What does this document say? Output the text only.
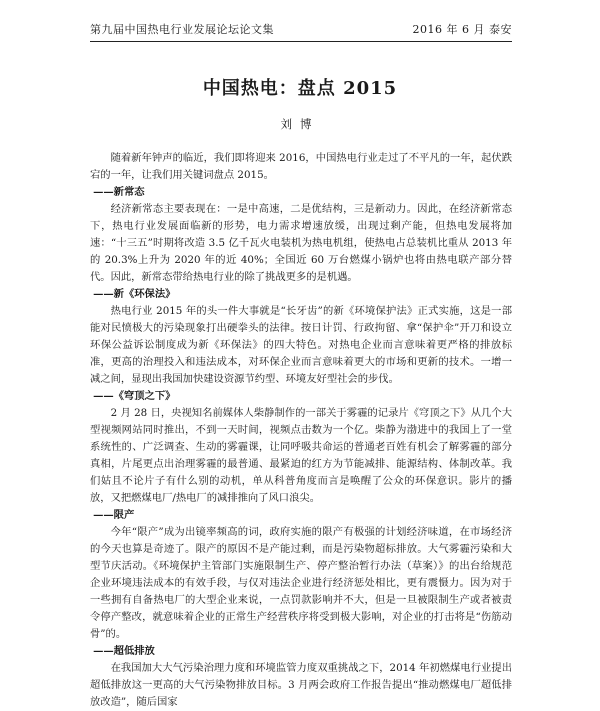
第九届中国热电行业发展论坛论文集	2016 年 6 月 泰安
中国热电：盘点 2015
刘博

随着新年钟声的临近，我们即将迎来 2016，中国热电行业走过了不平凡的一年，起伏跌宕的一年，让我们用关键词盘点 2015。

——新常态

经济新常态主要表现在：一是中高速，二是优结构，三是新动力。因此，在经济新常态下，热电行业发展面临新的形势，电力需求增速放缓，出现过剩产能，但热电发展将加速：“十三五”时期将改造 3.5 亿千瓦火电装机为热电机组，使热电占总装机比重从 2013 年的 20.3%上升为 2020 年的近 40%；全国近 60 万台燃煤小锅炉也将由热电联产部分替代。因此，新常态带给热电行业的除了挑战更多的是机遇。

——新《环保法》

热电行业 2015 年的头一件大事就是“长牙齿”的新《环境保护法》正式实施，这是一部能对民愤极大的污染现象打出硬拳头的法律。按日计罚、行政拘留、拿“保护伞”开刀和设立环保公益诉讼制度成为新《环保法》的四大特色。对热电企业而言意味着更严格的排放标准，更高的治理投入和违法成本，对环保企业而言意味着更大的市场和更新的技术。一增一减之间，显现出我国加快建设资源节约型、环境友好型社会的步伐。

——《穹顶之下》

2 月 28 日，央视知名前媒体人柴静制作的一部关于雾霾的记录片《穹顶之下》从几个大型视频网站同时推出，不到一天时间，视频点击数为一个亿。柴静为渤进中的我国上了一堂系统性的、广泛调查、生动的雾霾课，让同呼吸共命运的普通老百姓有机会了解雾霾的部分真相，片尾更点出治理雾霾的最普通、最紧迫的红方为节能减排、能源结构、体制改革。我们姑且不论片子有什么别的动机，单从科普角度而言是唤醒了公众的环保意识。影片的播放，又把燃煤电厂/热电厂的减排推向了风口浪尖。

——限产

今年“限产”成为出镜率频高的词，政府实施的限产有极强的计划经济味道，在市场经济的今天也算是奇迹了。限产的原因不是产能过剩，而是污染物超标排放。大气雾霾污染和大型节庆活动。《环境保护主管部门实施限制生产、停产整治暂行办法（草案）》的出台给规范企业环境违法成本的有效手段，与仅对违法企业进行经济惩处相比，更有震慑力。因为对于一些拥有自备热电厂的大型企业来说，一点罚款影响并不大，但是一旦被限制生产或者被责令停产整改，就意味着企业的正常生产经营秩序将受到极大影响，对企业的打击将是“伤筋动骨”的。

——超低排放

在我国加大大气污染治理力度和环境监管力度双重挑战之下，2014 年初燃煤电行业提出超低排放这一更高的大气污染物排放目标。3 月两会政府工作报告提出“推动燃煤电厂超低排放改造”，随后国家
